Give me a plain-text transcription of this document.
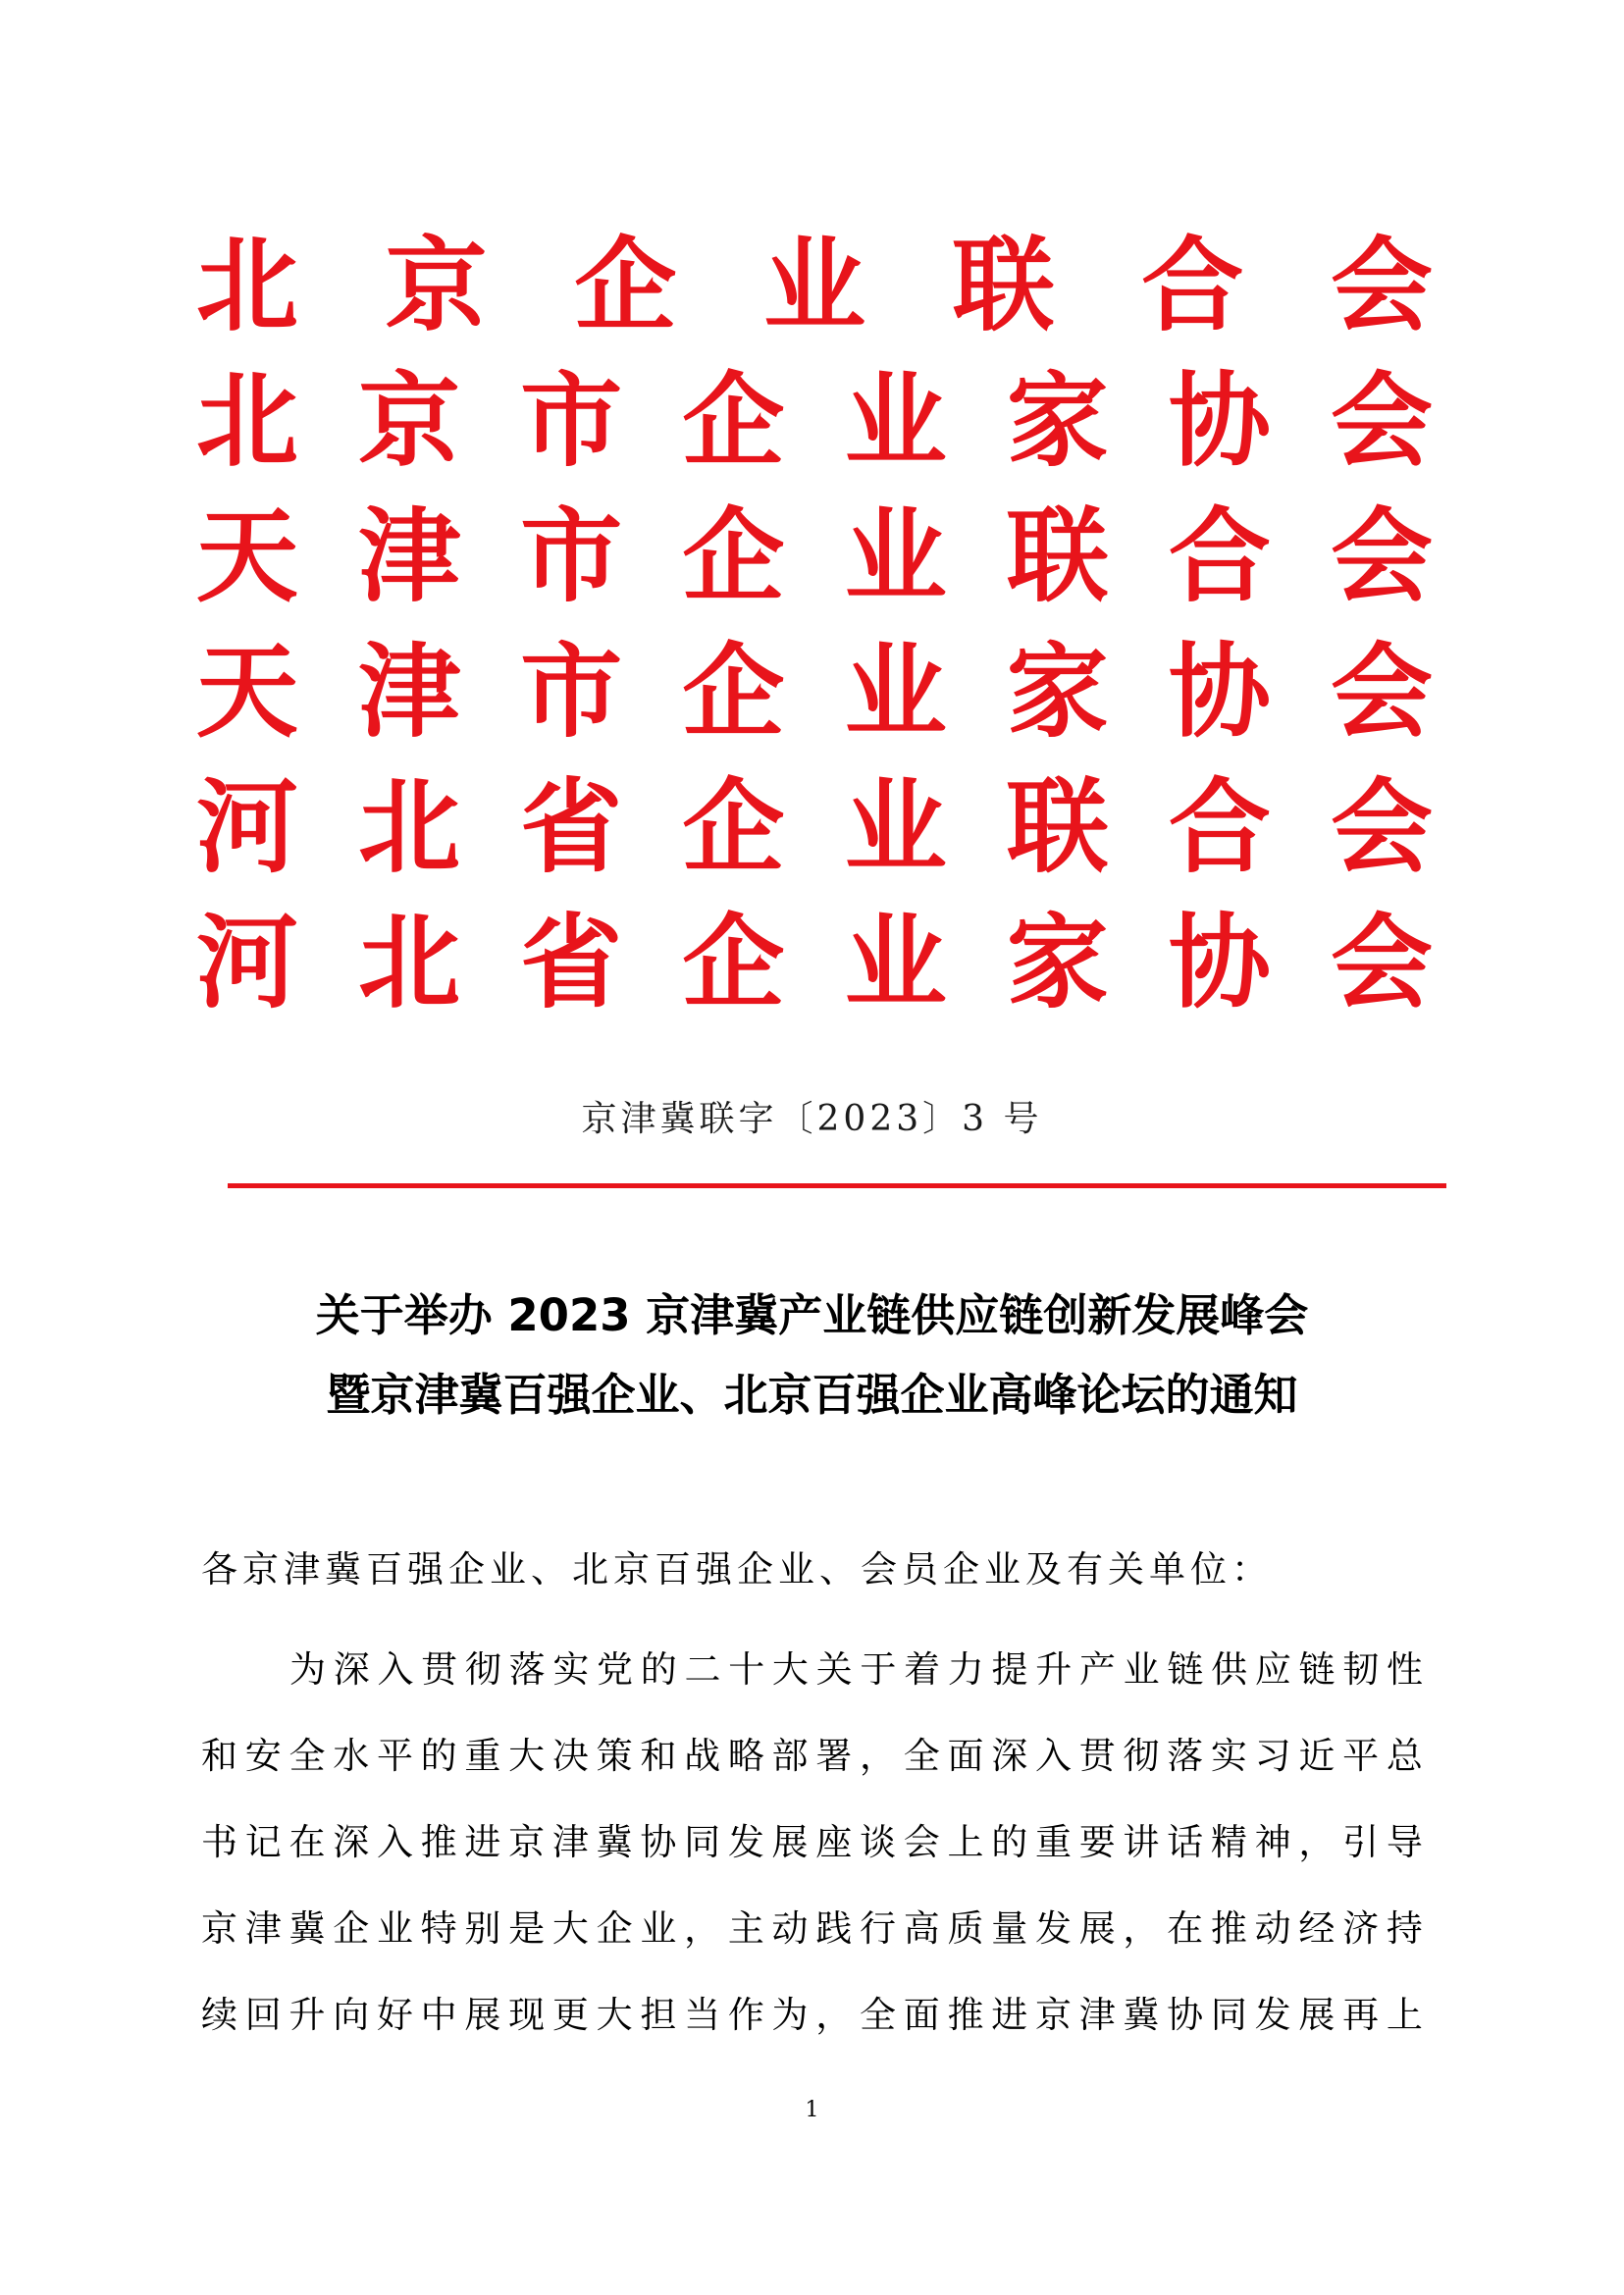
北 京 企 业 联 合 会
北 京 市 企 业 家 协 会
天 津 市 企 业 联 合 会
天 津 市 企 业 家 协 会
河 北 省 企 业 联 合 会
河 北 省 企 业 家 协 会
京津冀联字〔2023〕3 号
关于举办 2023 京津冀产业链供应链创新发展峰会
暨京津冀百强企业、北京百强企业高峰论坛的通知
各京津冀百强企业、北京百强企业、会员企业及有关单位：
为 深 入 贯 彻 落 实 党 的 二 十 大 关 于 着 力 提 升 产 业 链 供 应 链 韧 性
和 安 全 水 平 的 重 大 决 策 和 战 略 部 署 ， 全 面 深 入 贯 彻 落 实 习 近 平 总
书 记 在 深 入 推 进 京 津 冀 协 同 发 展 座 谈 会 上 的 重 要 讲 话 精 神 ， 引 导
京 津 冀 企 业 特 别 是 大 企 业 ， 主 动 践 行 高 质 量 发 展 ， 在 推 动 经 济 持
续 回 升 向 好 中 展 现 更 大 担 当 作 为 ， 全 面 推 进 京 津 冀 协 同 发 展 再 上
1
